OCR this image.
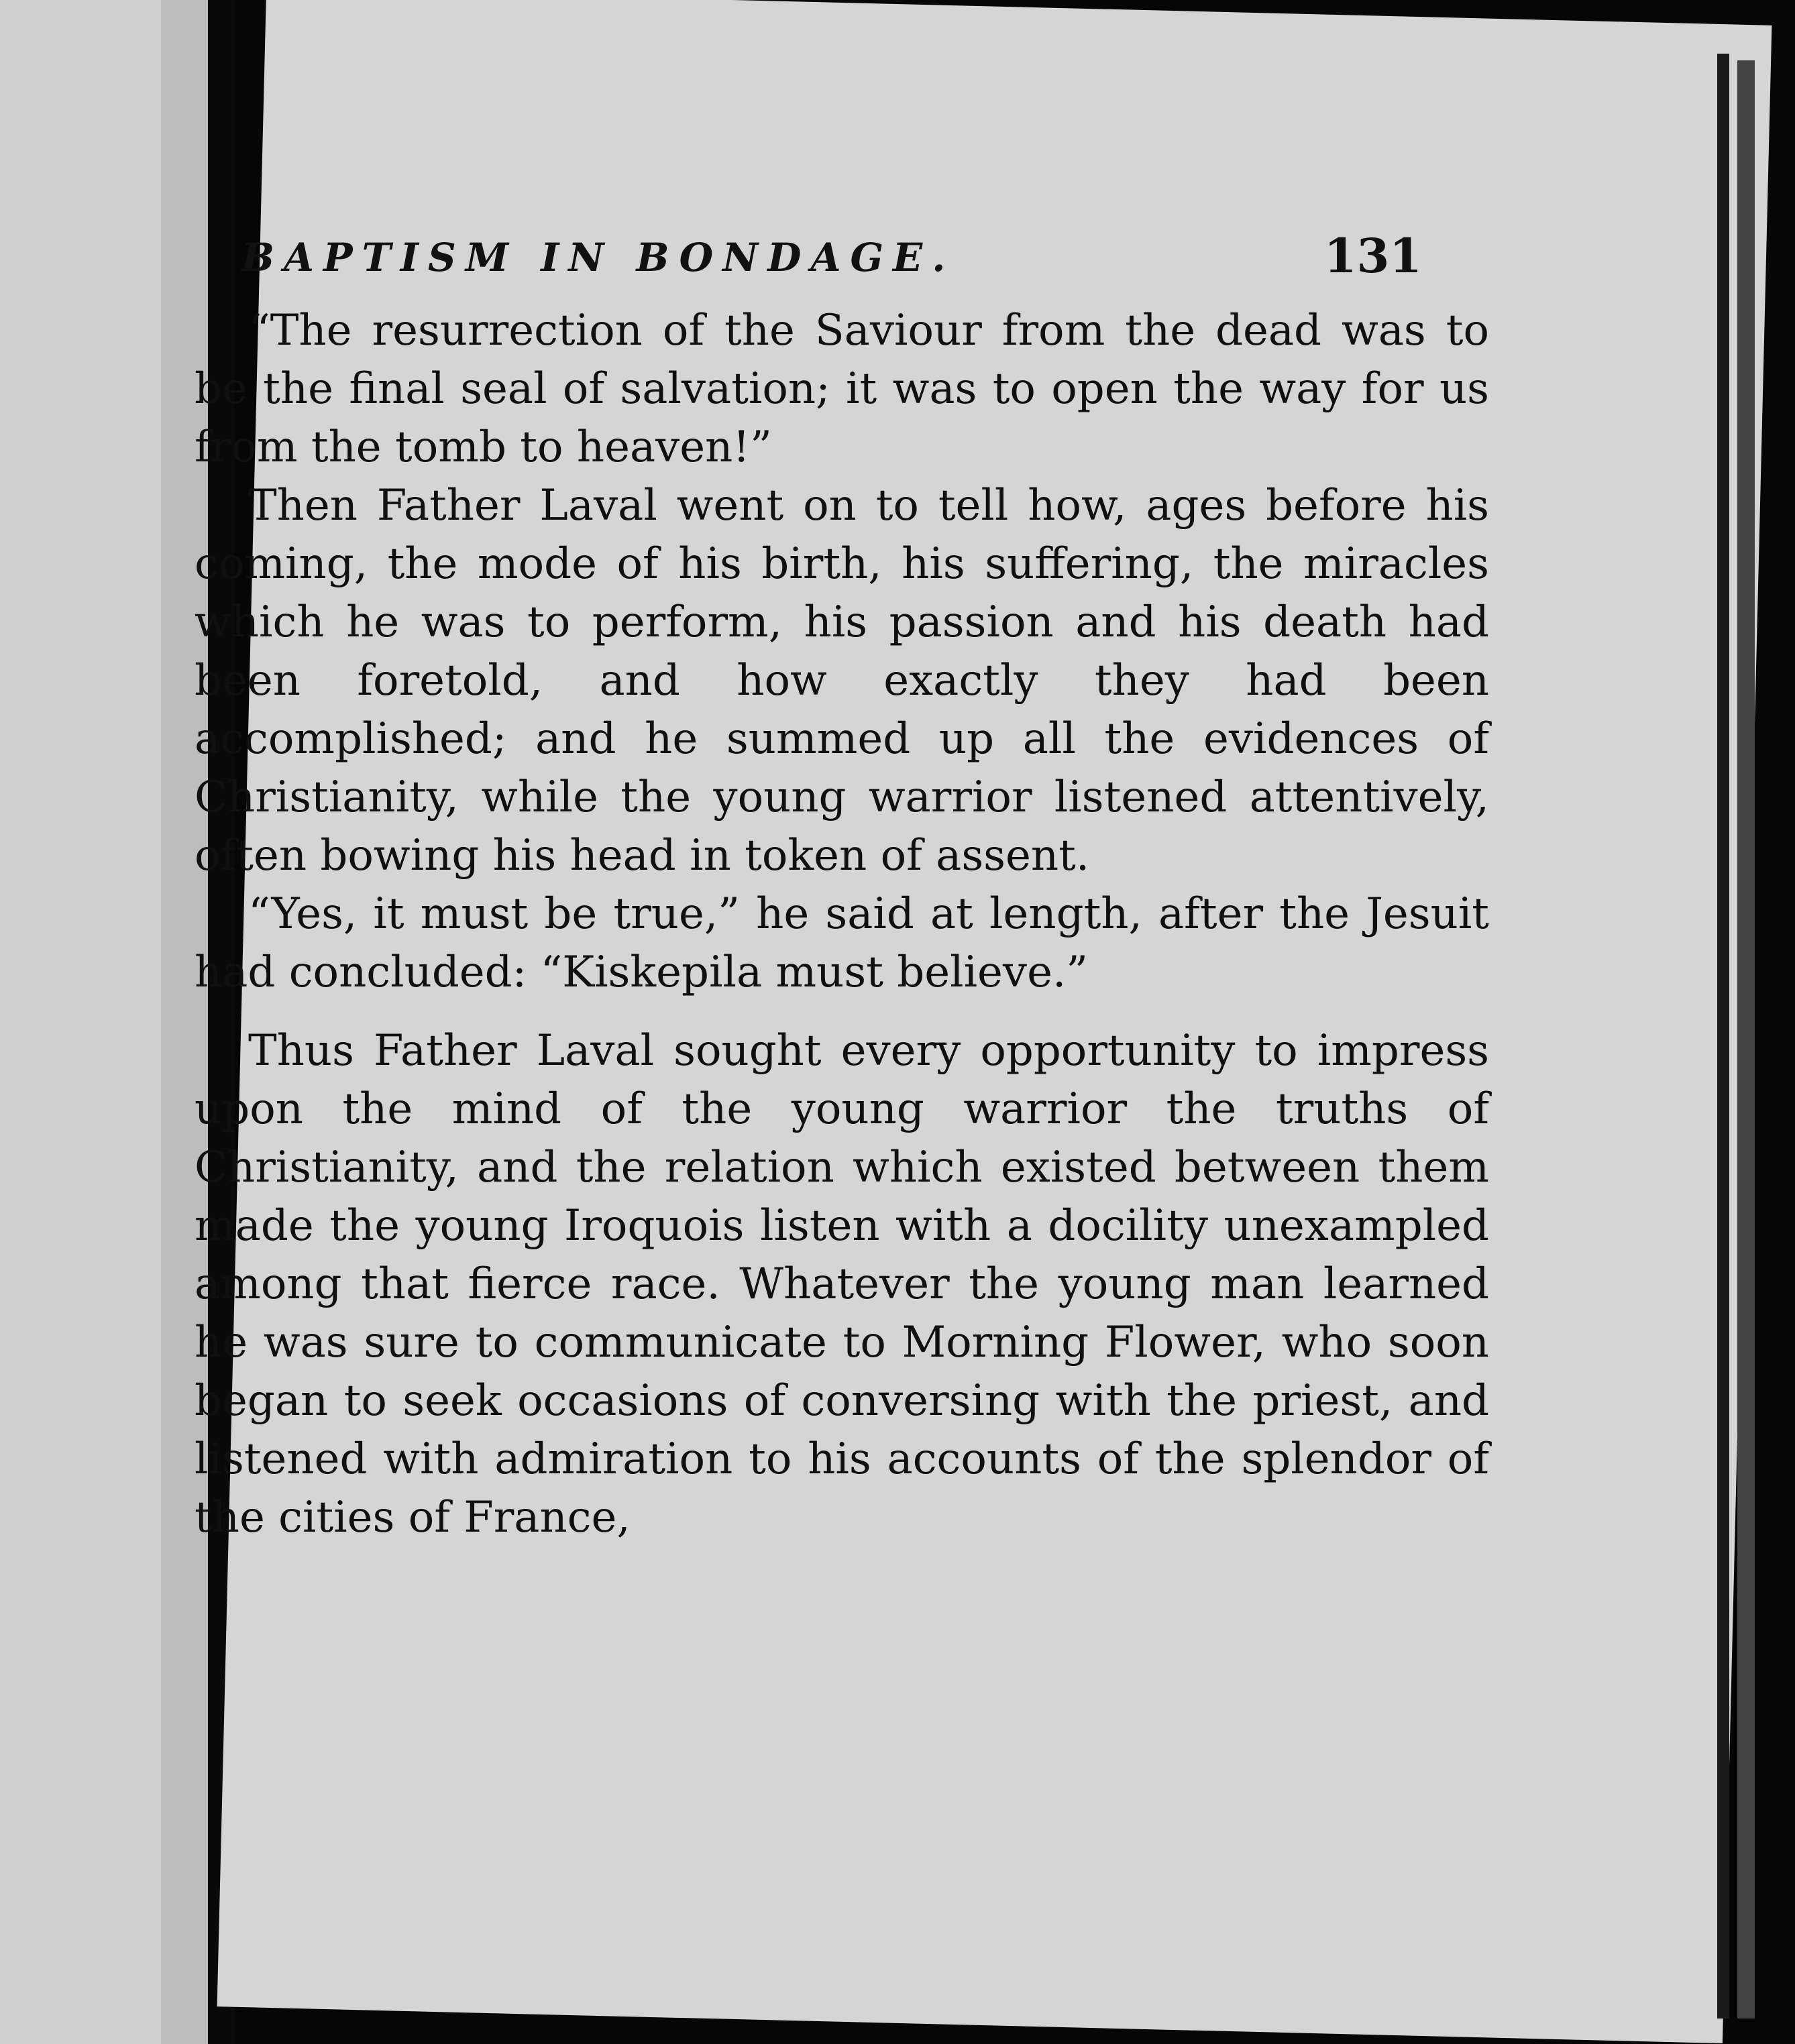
BAPTISM IN BONDAGE.	131

“The resurrection of the Saviour from the dead was to be the final seal of salvation; it was to open the way for us from the tomb to heaven!”

Then Father Laval went on to tell how, ages before his coming, the mode of his birth, his suffering, the miracles which he was to perform, his passion and his death had been foretold, and how exactly they had been accomplished; and he summed up all the evidences of Christianity, while the young warrior listened attentively, often bowing his head in token of assent.

“Yes, it must be true,” he said at length, after the Jesuit had concluded: “Kiskepila must believe.”

Thus Father Laval sought every opportunity to impress upon the mind of the young warrior the truths of Christianity, and the relation which existed between them made the young Iroquois listen with a docility unexampled among that fierce race. Whatever the young man learned he was sure to communicate to Morning Flower, who soon began to seek occasions of conversing with the priest, and listened with admiration to his accounts of the splendor of the cities of France,
